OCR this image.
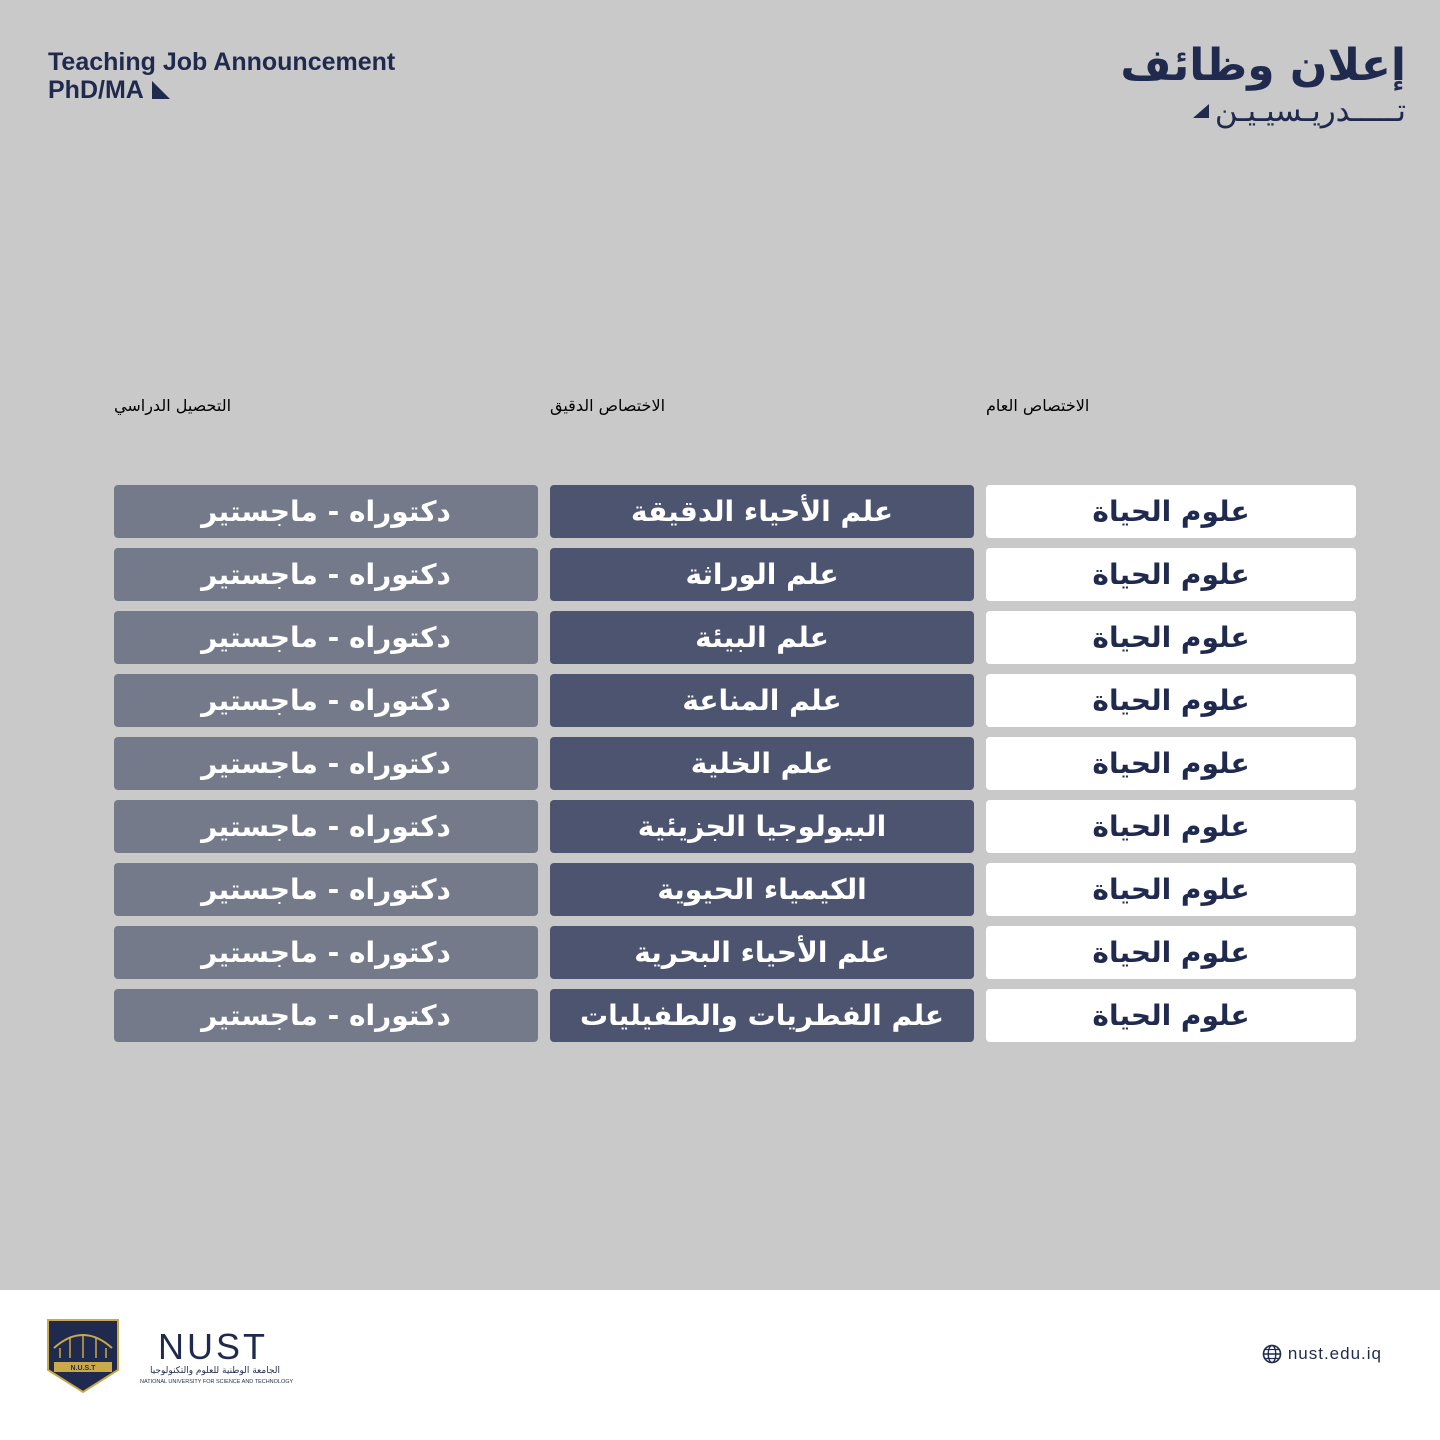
Teaching Job Announcement
PhD/MA	إعلان وظائف
تـــــدريـسيـيـن
التحصيل الدراسي	الاختصاص الدقيق	الاختصاص العام
دكتوراه - ماجستير	علم الأحياء الدقيقة	علوم الحياة
دكتوراه - ماجستير	علم الوراثة	علوم الحياة
دكتوراه - ماجستير	علم البيئة	علوم الحياة
دكتوراه - ماجستير	علم المناعة	علوم الحياة
دكتوراه - ماجستير	علم الخلية	علوم الحياة
دكتوراه - ماجستير	البيولوجيا الجزيئية	علوم الحياة
دكتوراه - ماجستير	الكيمياء الحيوية	علوم الحياة
دكتوراه - ماجستير	علم الأحياء البحرية	علوم الحياة
دكتوراه - ماجستير	علم الفطريات والطفيليات	علوم الحياة
N.U.S.T
NUST
الجامعة الوطنية للعلوم والتكنولوجيا
NATIONAL UNIVERSITY FOR SCIENCE AND TECHNOLOGY
nust.edu.iq
